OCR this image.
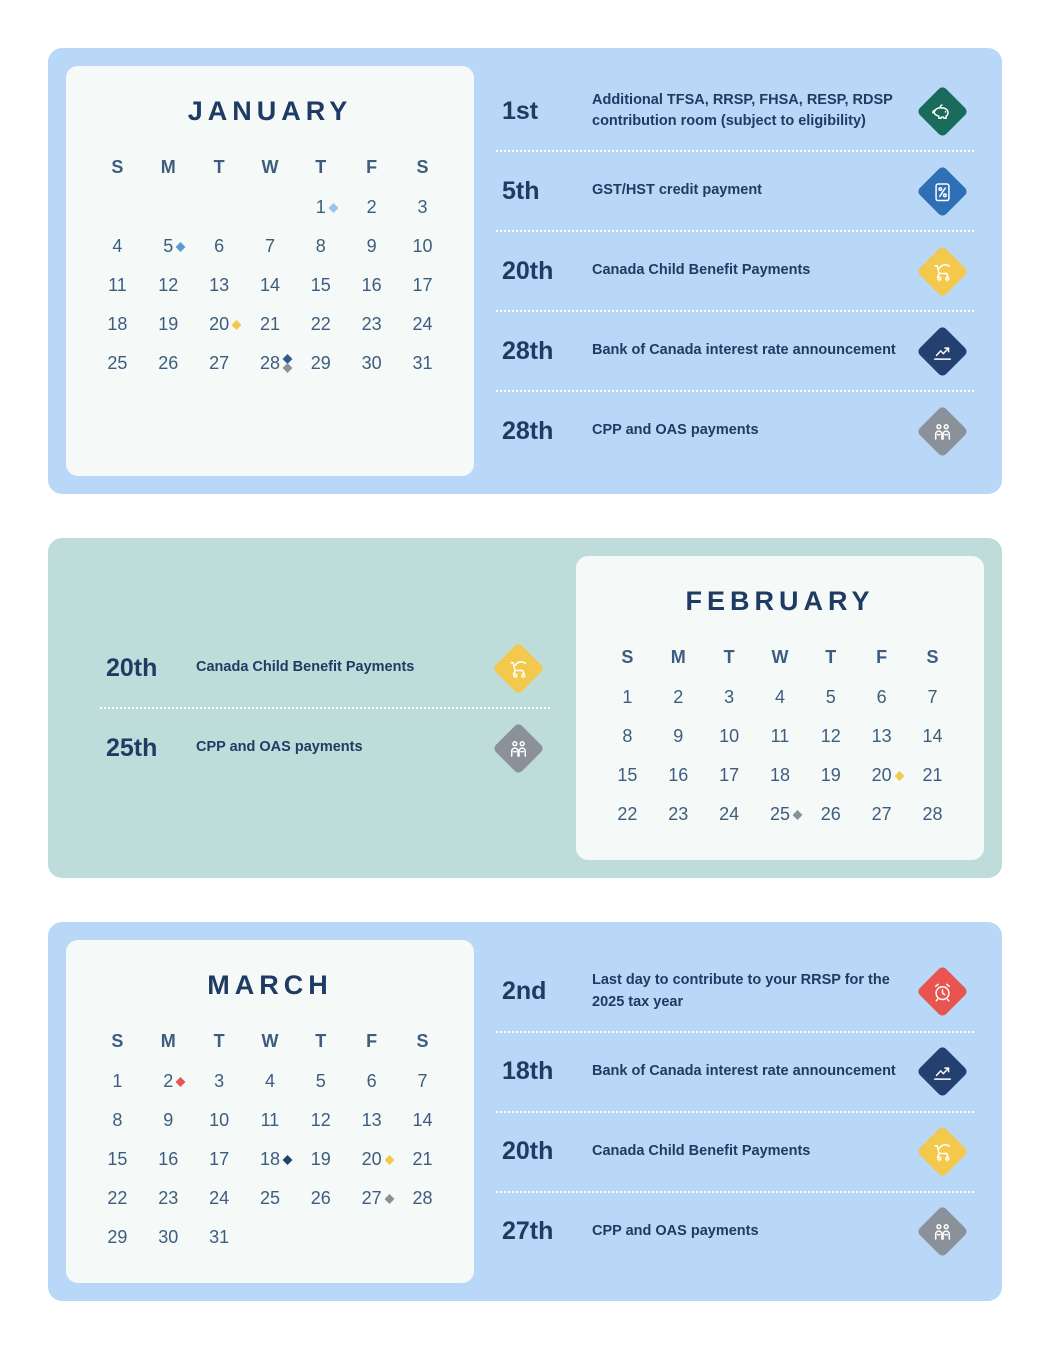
JANUARY
S	M	T	W	T	F	S
				1	2	3
4	5	6	7	8	9	10
11	12	13	14	15	16	17
18	19	20	21	22	23	24
25	26	27	28	29	30	31
1st	Additional TFSA, RRSP, FHSA, RESP, RDSP contribution room (subject to eligibility)
5th	GST/HST credit payment
20th	Canada Child Benefit Payments
28th	Bank of Canada interest rate announcement
28th	CPP and OAS payments
20th	Canada Child Benefit Payments
25th	CPP and OAS payments
FEBRUARY
S	M	T	W	T	F	S
1	2	3	4	5	6	7
8	9	10	11	12	13	14
15	16	17	18	19	20	21
22	23	24	25	26	27	28
MARCH
S	M	T	W	T	F	S
1	2	3	4	5	6	7
8	9	10	11	12	13	14
15	16	17	18	19	20	21
22	23	24	25	26	27	28
29	30	31				
2nd	Last day to contribute to your RRSP for the 2025 tax year
18th	Bank of Canada interest rate announcement
20th	Canada Child Benefit Payments
27th	CPP and OAS payments
